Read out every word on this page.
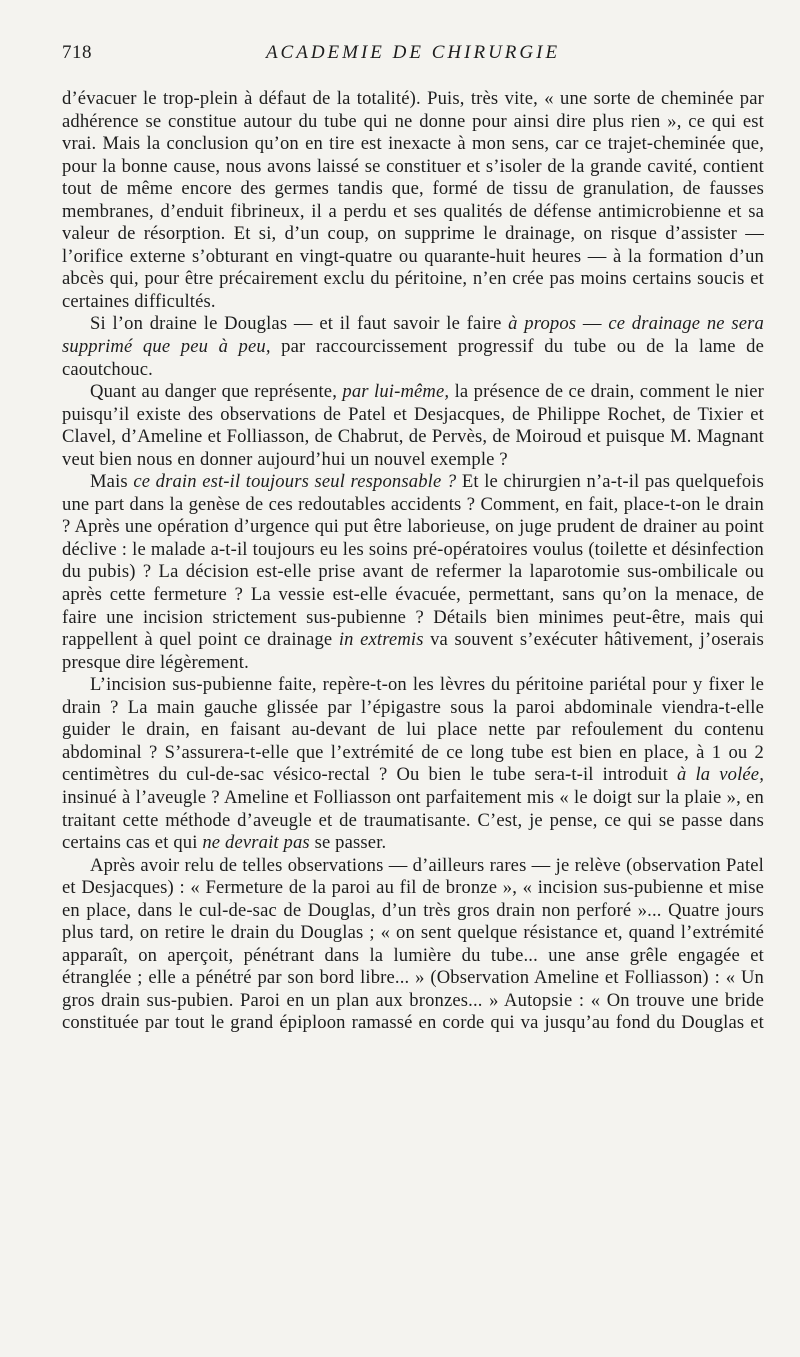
718	ACADEMIE DE CHIRURGIE

d’évacuer le trop-plein à défaut de la totalité). Puis, très vite, « une sorte de cheminée par adhérence se constitue autour du tube qui ne donne pour ainsi dire plus rien », ce qui est vrai. Mais la conclusion qu’on en tire est inexacte à mon sens, car ce trajet-cheminée que, pour la bonne cause, nous avons laissé se constituer et s’isoler de la grande cavité, contient tout de même encore des germes tandis que, formé de tissu de granulation, de fausses membranes, d’enduit fibrineux, il a perdu et ses qualités de défense antimicrobienne et sa valeur de résorption. Et si, d’un coup, on supprime le drainage, on risque d’assister — l’orifice externe s’obturant en vingt-quatre ou quarante-huit heures — à la formation d’un abcès qui, pour être précairement exclu du péritoine, n’en crée pas moins certains soucis et certaines difficultés.

Si l’on draine le Douglas — et il faut savoir le faire à propos — ce drainage ne sera supprimé que peu à peu, par raccourcissement progressif du tube ou de la lame de caoutchouc.

Quant au danger que représente, par lui-même, la présence de ce drain, comment le nier puisqu’il existe des observations de Patel et Desjacques, de Philippe Rochet, de Tixier et Clavel, d’Ameline et Folliasson, de Chabrut, de Pervès, de Moiroud et puisque M. Magnant veut bien nous en donner aujourd’hui un nouvel exemple ?

Mais ce drain est-il toujours seul responsable ? Et le chirurgien n’a-t-il pas quelquefois une part dans la genèse de ces redoutables accidents ? Comment, en fait, place-t-on le drain ? Après une opération d’urgence qui put être laborieuse, on juge prudent de drainer au point déclive : le malade a-t-il toujours eu les soins pré-opératoires voulus (toilette et désinfection du pubis) ? La décision est-elle prise avant de refermer la laparotomie sus-ombilicale ou après cette fermeture ? La vessie est-elle évacuée, permettant, sans qu’on la menace, de faire une incision strictement sus-pubienne ? Détails bien minimes peut-être, mais qui rappellent à quel point ce drainage in extremis va souvent s’exécuter hâtivement, j’oserais presque dire légèrement.

L’incision sus-pubienne faite, repère-t-on les lèvres du péritoine pariétal pour y fixer le drain ? La main gauche glissée par l’épigastre sous la paroi abdominale viendra-t-elle guider le drain, en faisant au-devant de lui place nette par refoulement du contenu abdominal ? S’assurera-t-elle que l’extrémité de ce long tube est bien en place, à 1 ou 2 centimètres du cul-de-sac vésico-rectal ? Ou bien le tube sera-t-il introduit à la volée, insinué à l’aveugle ? Ameline et Folliasson ont parfaitement mis « le doigt sur la plaie », en traitant cette méthode d’aveugle et de traumatisante. C’est, je pense, ce qui se passe dans certains cas et qui ne devrait pas se passer.

Après avoir relu de telles observations — d’ailleurs rares — je relève (observation Patel et Desjacques) : « Fermeture de la paroi au fil de bronze », « incision sus-pubienne et mise en place, dans le cul-de-sac de Douglas, d’un très gros drain non perforé »... Quatre jours plus tard, on retire le drain du Douglas ; « on sent quelque résistance et, quand l’extrémité apparaît, on aperçoit, pénétrant dans la lumière du tube... une anse grêle engagée et étranglée ; elle a pénétré par son bord libre... » (Observation Ameline et Folliasson) : « Un gros drain sus-pubien. Paroi en un plan aux bronzes... » Autopsie : « On trouve une bride constituée par tout le grand épiploon ramassé en corde qui va jusqu’au fond du Douglas et
